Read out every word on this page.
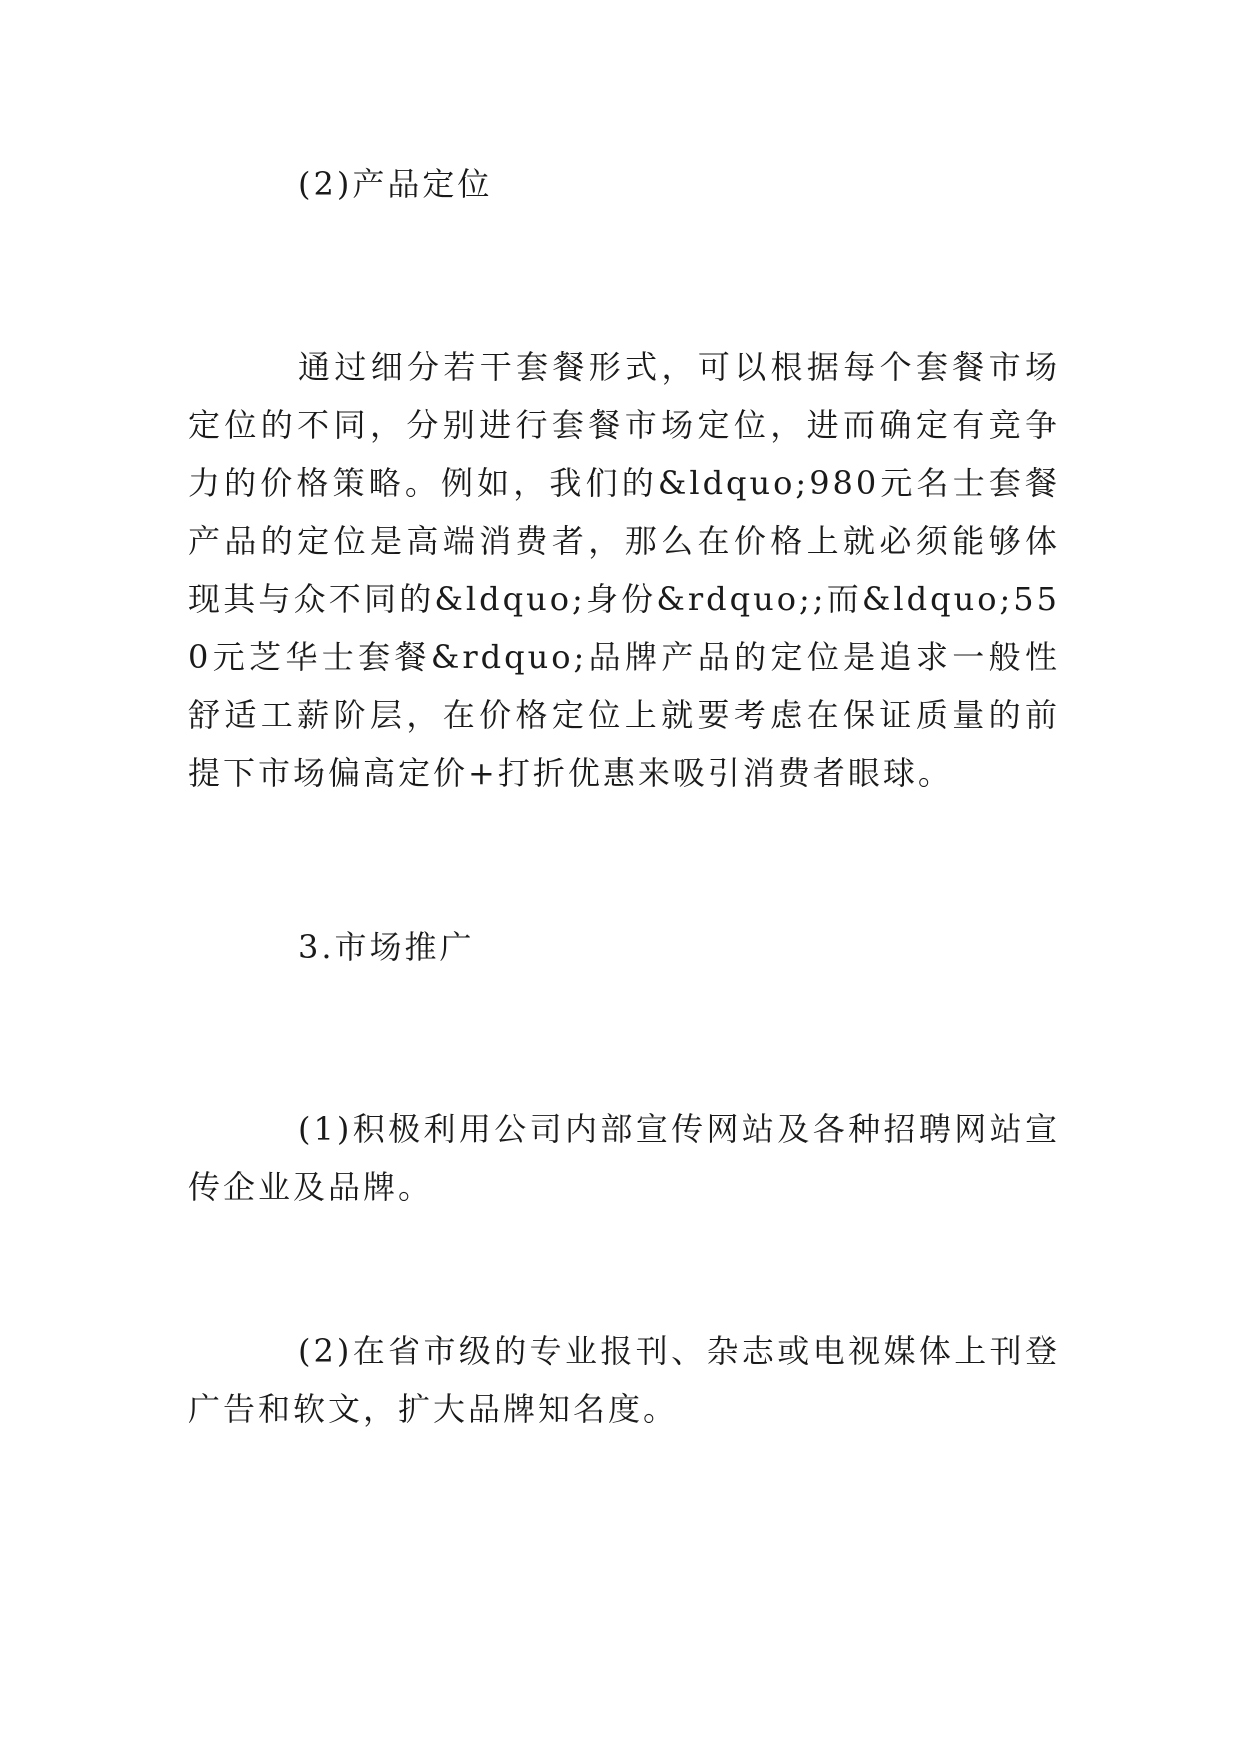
(2)产品定位
通过细分若干套餐形式，可以根据每个套餐市场定位的不同，分别进行套餐市场定位，进而确定有竞争力的价格策略。例如，我们的&ldquo;980元名士套餐产品的定位是高端消费者，那么在价格上就必须能够体现其与众不同的&ldquo;身份&rdquo;;而&ldquo;550元芝华士套餐&rdquo;品牌产品的定位是追求一般性舒适工薪阶层，在价格定位上就要考虑在保证质量的前提下市场偏高定价+打折优惠来吸引消费者眼球。
3.市场推广
(1)积极利用公司内部宣传网站及各种招聘网站宣传企业及品牌。
(2)在省市级的专业报刊、杂志或电视媒体上刊登广告和软文，扩大品牌知名度。
